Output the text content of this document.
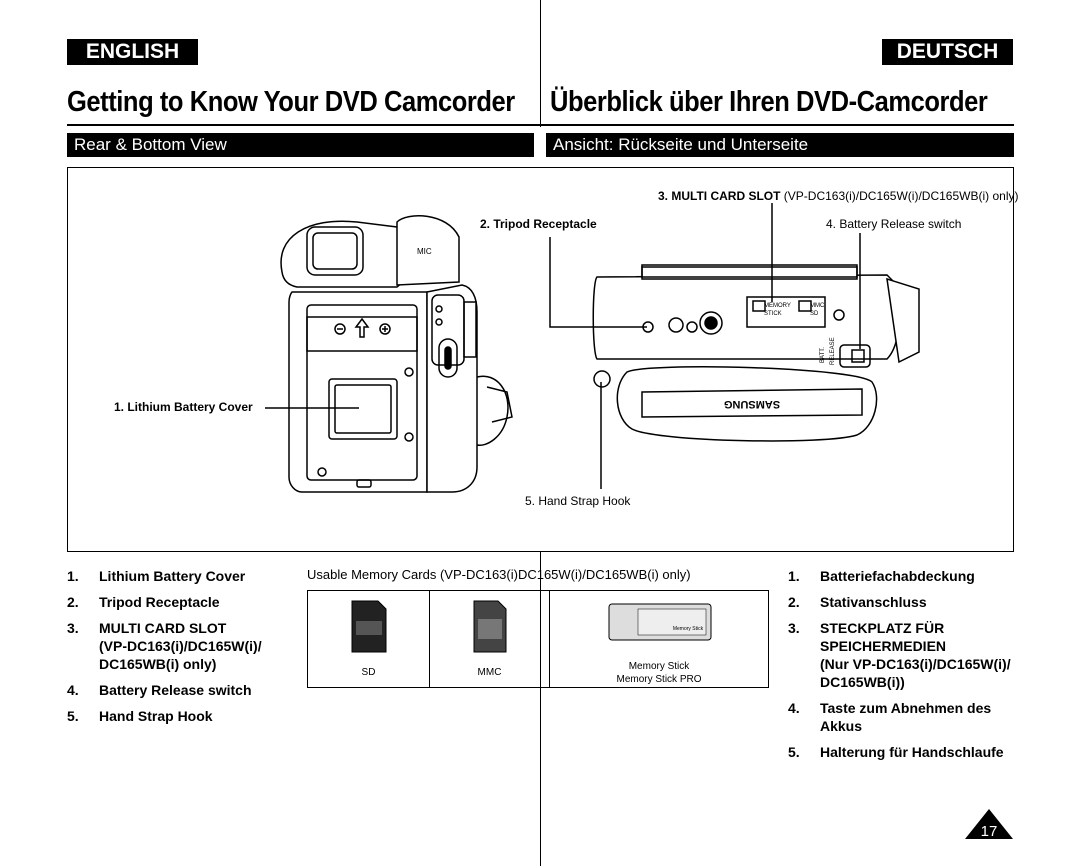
ENGLISH	DEUTSCH
Getting to Know Your DVD Camcorder Überblick über Ihren DVD-Camcorder
Rear & Bottom View	Ansicht: Rückseite und Unterseite
MIC
MEMORY
STICK
MMC
SD
BATT. RELEASE
SAMSUNG
1. Lithium Battery Cover
2. Tripod Receptacle
3. MULTI CARD SLOT (VP-DC163(i)/DC165W(i)/DC165WB(i) only)
4. Battery Release switch
5. Hand Strap Hook
1.	Lithium Battery Cover
2.	Tripod Receptacle
3.	MULTI CARD SLOT
(VP-DC163(i)/DC165W(i)/ DC165WB(i) only)
4.	Battery Release switch
5.	Hand Strap Hook
Usable Memory Cards (VP-DC163(i)DC165W(i)/DC165WB(i) only)
SD	MMC
Memory Stick
Memory Stick
Memory Stick PRO
1.	Batteriefachabdeckung
2.	Stativanschluss
3.	STECKPLATZ FÜR SPEICHERMEDIEN
(Nur VP-DC163(i)/DC165W(i)/ DC165WB(i))
4.	Taste zum Abnehmen des Akkus
5.	Halterung für Handschlaufe
17
